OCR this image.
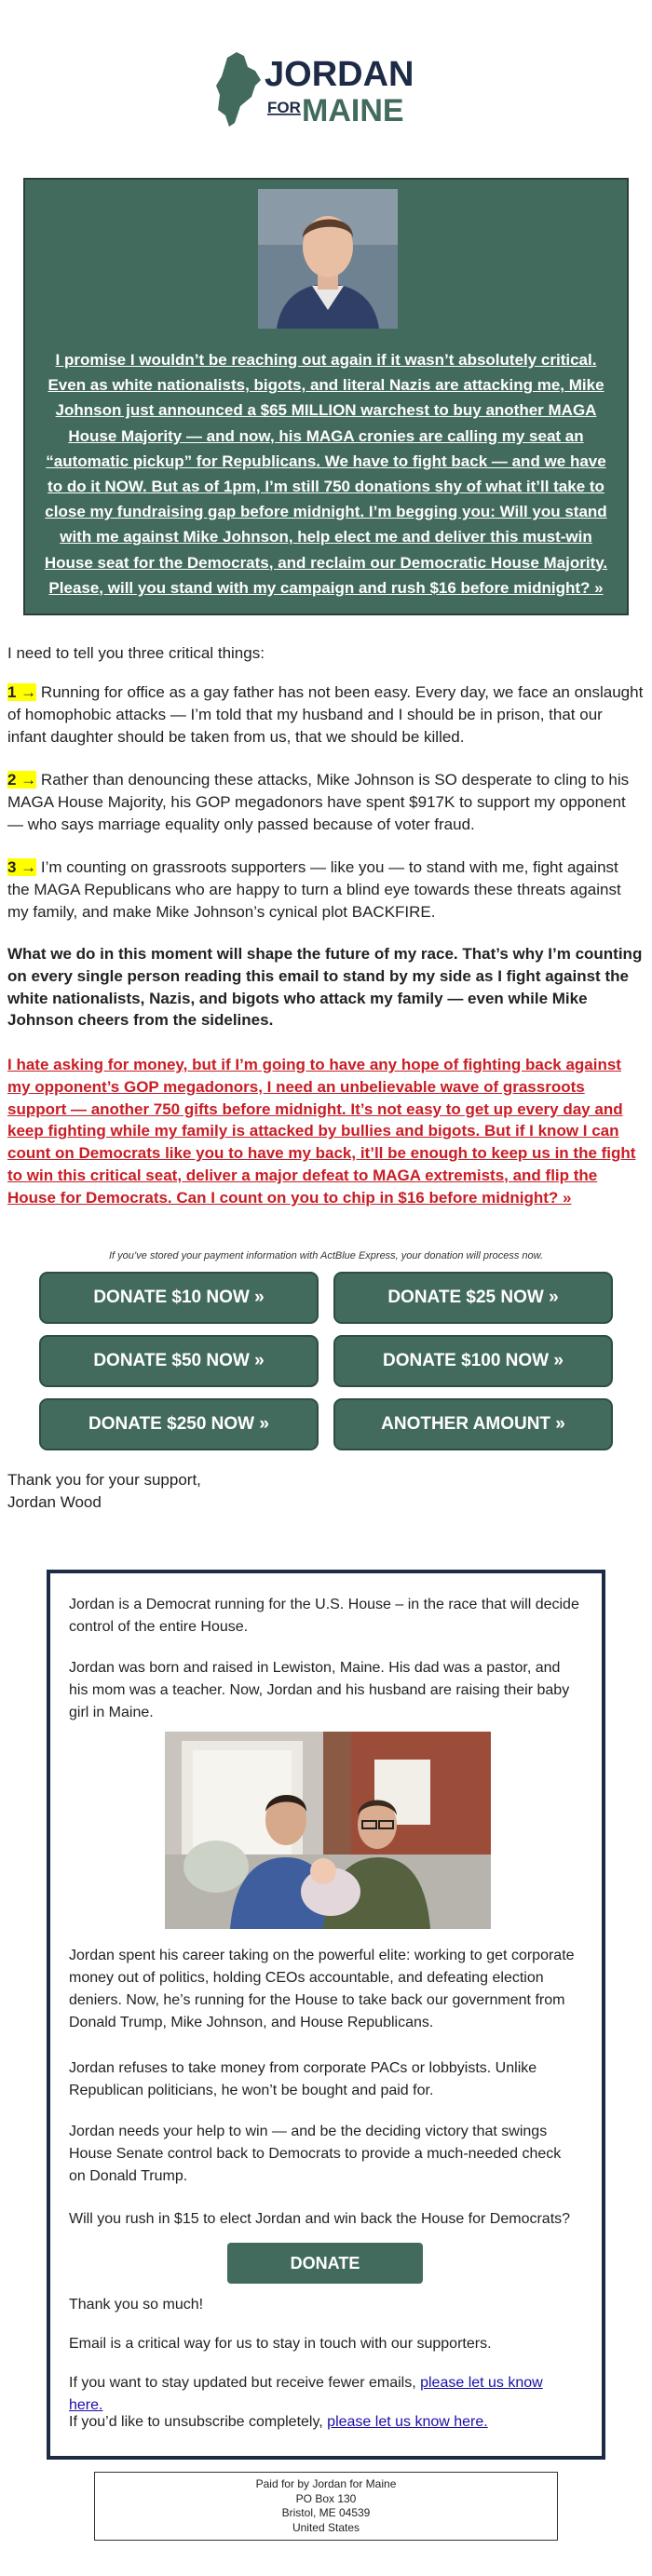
JORDAN
FOR MAINE
I promise I wouldn’t be reaching out again if it wasn’t absolutely critical. Even as white nationalists, bigots, and literal Nazis are attacking me, Mike Johnson just announced a $65 MILLION warchest to buy another MAGA House Majority — and now, his MAGA cronies are calling my seat an “automatic pickup” for Republicans. We have to fight back — and we have to do it NOW. But as of 1pm, I’m still 750 donations shy of what it’ll take to close my fundraising gap before midnight. I’m begging you: Will you stand with me against Mike Johnson, help elect me and deliver this must-win House seat for the Democrats, and reclaim our Democratic House Majority. Please, will you stand with my campaign and rush $16 before midnight? »

I need to tell you three critical things:

1 → Running for office as a gay father has not been easy. Every day, we face an onslaught of homophobic attacks — I’m told that my husband and I should be in prison, that our infant daughter should be taken from us, that we should be killed.

2 → Rather than denouncing these attacks, Mike Johnson is SO desperate to cling to his MAGA House Majority, his GOP megadonors have spent $917K to support my opponent — who says marriage equality only passed because of voter fraud.

3 → I’m counting on grassroots supporters — like you — to stand with me, fight against the MAGA Republicans who are happy to turn a blind eye towards these threats against my family, and make Mike Johnson’s cynical plot BACKFIRE.

What we do in this moment will shape the future of my race. That’s why I’m counting on every single person reading this email to stand by my side as I fight against the white nationalists, Nazis, and bigots who attack my family — even while Mike Johnson cheers from the sidelines.

I hate asking for money, but if I’m going to have any hope of fighting back against my opponent’s GOP megadonors, I need an unbelievable wave of grassroots support — another 750 gifts before midnight. It’s not easy to get up every day and keep fighting while my family is attacked by bullies and bigots. But if I know I can count on Democrats like you to have my back, it’ll be enough to keep us in the fight to win this critical seat, deliver a major defeat to MAGA extremists, and flip the House for Democrats. Can I count on you to chip in $16 before midnight? »

If you’ve stored your payment information with ActBlue Express, your donation will process now.
DONATE $10 NOW »	DONATE $25 NOW »
DONATE $50 NOW »	DONATE $100 NOW »
DONATE $250 NOW »	ANOTHER AMOUNT »
Thank you for your support,
Jordan Wood
Jordan is a Democrat running for the U.S. House – in the race that will decide control of the entire House.
Jordan was born and raised in Lewiston, Maine. His dad was a pastor, and his mom was a teacher. Now, Jordan and his husband are raising their baby girl in Maine.
Jordan spent his career taking on the powerful elite: working to get corporate money out of politics, holding CEOs accountable, and defeating election deniers. Now, he’s running for the House to take back our government from Donald Trump, Mike Johnson, and House Republicans.
Jordan refuses to take money from corporate PACs or lobbyists. Unlike Republican politicians, he won’t be bought and paid for.
Jordan needs your help to win — and be the deciding victory that swings House Senate control back to Democrats to provide a much-needed check on Donald Trump.
Will you rush in $15 to elect Jordan and win back the House for Democrats?
DONATE
Thank you so much!
Email is a critical way for us to stay in touch with our supporters.
If you want to stay updated but receive fewer emails, please let us know here.
If you’d like to unsubscribe completely, please let us know here.
Paid for by Jordan for Maine
PO Box 130
Bristol, ME 04539
United States
